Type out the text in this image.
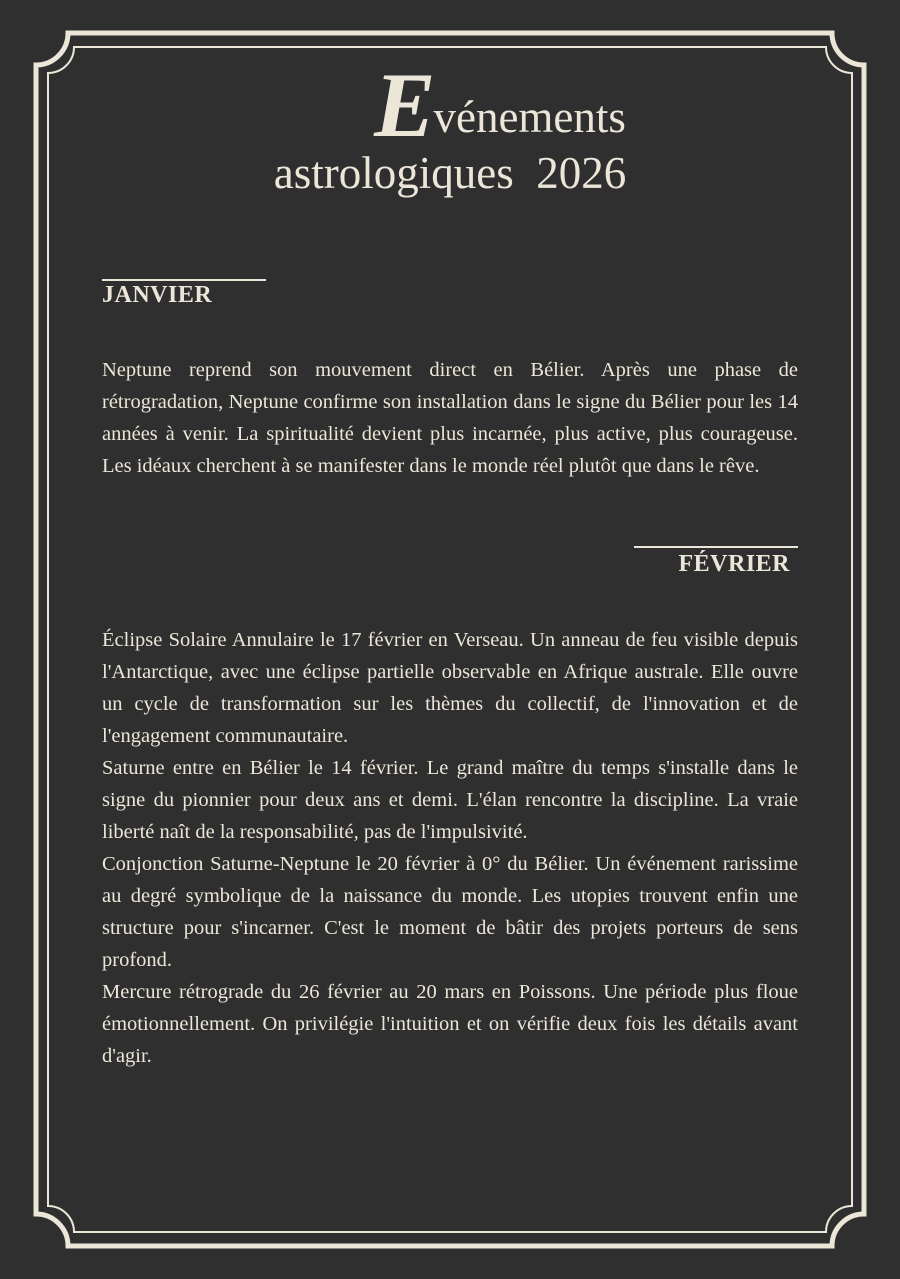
Evénements
astrologiques  2026
JANVIER

Neptune reprend son mouvement direct en Bélier. Après une phase de rétrogradation, Neptune confirme son installation dans le signe du Bélier pour les 14 années à venir. La spiritualité devient plus incarnée, plus active, plus courageuse. Les idéaux cherchent à se manifester dans le monde réel plutôt que dans le rêve.

FÉVRIER

Éclipse Solaire Annulaire le 17 février en Verseau. Un anneau de feu visible depuis l'Antarctique, avec une éclipse partielle observable en Afrique australe. Elle ouvre un cycle de transformation sur les thèmes du collectif, de l'innovation et de l'engagement communautaire.

Saturne entre en Bélier le 14 février. Le grand maître du temps s'installe dans le signe du pionnier pour deux ans et demi. L'élan rencontre la discipline. La vraie liberté naît de la responsabilité, pas de l'impulsivité.

Conjonction Saturne-Neptune le 20 février à 0° du Bélier. Un événement rarissime au degré symbolique de la naissance du monde. Les utopies trouvent enfin une structure pour s'incarner. C'est le moment de bâtir des projets porteurs de sens profond.

Mercure rétrograde du 26 février au 20 mars en Poissons. Une période plus floue émotionnellement. On privilégie l'intuition et on vérifie deux fois les détails avant d'agir.
